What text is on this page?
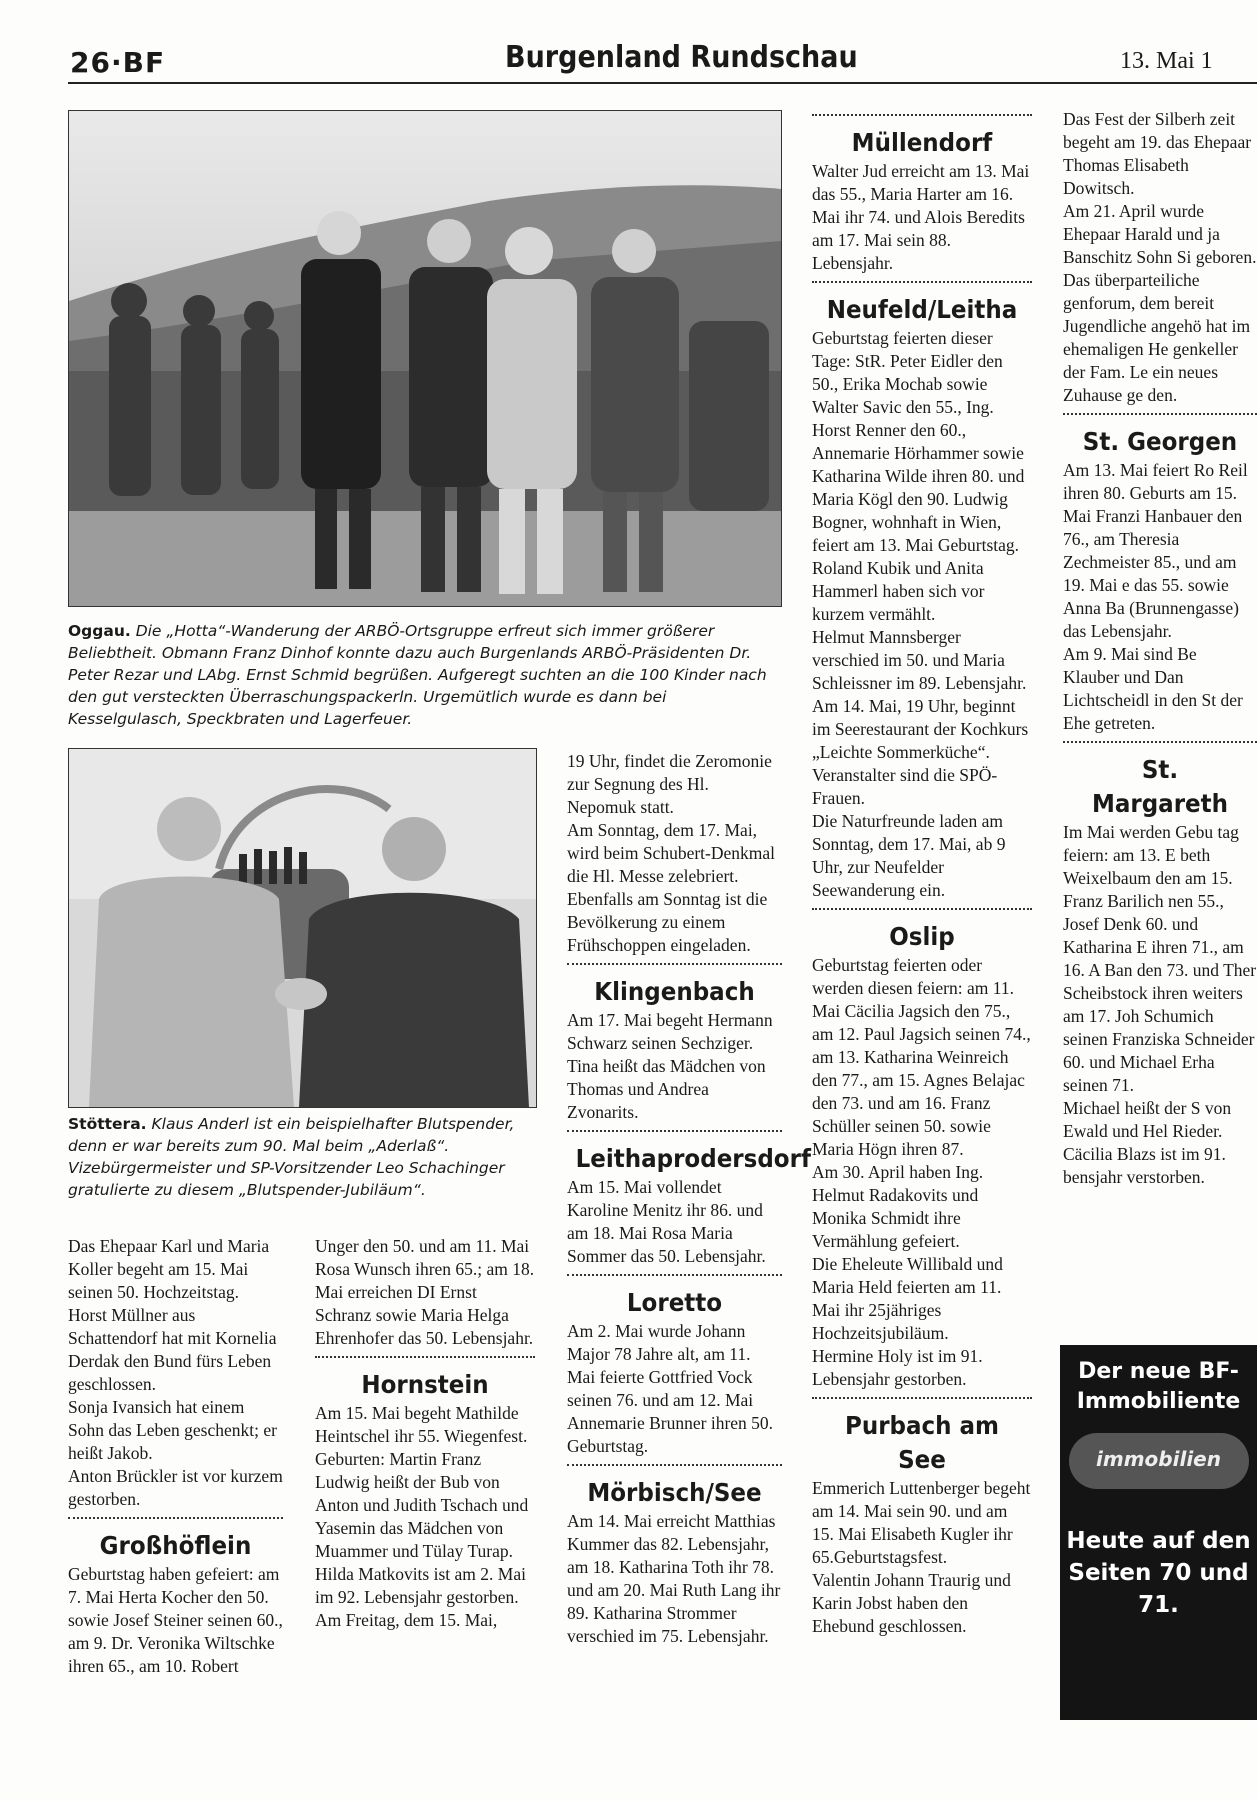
26·BF	Burgenland Rundschau	13. Mai 1
Oggau. Die „Hotta“-Wanderung der ARBÖ-Ortsgruppe erfreut sich immer größerer Beliebtheit. Obmann Franz Dinhof konnte dazu auch Burgenlands ARBÖ-Präsidenten Dr. Peter Rezar und LAbg. Ernst Schmid begrüßen. Aufgeregt suchten an die 100 Kinder nach den gut versteckten Überraschungspackerln. Urgemütlich wurde es dann bei Kesselgulasch, Speckbraten und Lagerfeuer.
Stöttera. Klaus Anderl ist ein beispielhafter Blutspender, denn er war bereits zum 90. Mal beim „Aderlaß“. Vizebürgermeister und SP-Vorsitzender Leo Schachinger gratulierte zu diesem „Blutspender-Jubiläum“.

Das Ehepaar Karl und Maria Koller begeht am 15. Mai seinen 50. Hochzeitstag.

Horst Müllner aus Schattendorf hat mit Kornelia Derdak den Bund fürs Leben geschlossen.

Sonja Ivansich hat einem Sohn das Leben geschenkt; er heißt Jakob.

Anton Brückler ist vor kurzem gestorben.

Großhöflein

Geburtstag haben gefeiert: am 7. Mai Herta Kocher den 50. sowie Josef Steiner seinen 60., am 9. Dr. Veronika Wiltschke ihren 65., am 10. Robert

Unger den 50. und am 11. Mai Rosa Wunsch ihren 65.; am 18. Mai erreichen DI Ernst Schranz sowie Maria Helga Ehrenhofer das 50. Lebensjahr.

Hornstein

Am 15. Mai begeht Mathilde Heintschel ihr 55. Wiegenfest.

Geburten: Martin Franz Ludwig heißt der Bub von Anton und Judith Tschach und Yasemin das Mädchen von Muammer und Tülay Turap.

Hilda Matkovits ist am 2. Mai im 92. Lebensjahr gestorben.

Am Freitag, dem 15. Mai,

19 Uhr, findet die Zeromonie zur Segnung des Hl. Nepomuk statt.

Am Sonntag, dem 17. Mai, wird beim Schubert-Denkmal die Hl. Messe zelebriert. Ebenfalls am Sonntag ist die Bevölkerung zu einem Frühschoppen eingeladen.

Klingenbach

Am 17. Mai begeht Hermann Schwarz seinen Sechziger.

Tina heißt das Mädchen von Thomas und Andrea Zvonarits.

Leithaprodersdorf

Am 15. Mai vollendet Karoline Menitz ihr 86. und am 18. Mai Rosa Maria Sommer das 50. Lebensjahr.

Loretto

Am 2. Mai wurde Johann Major 78 Jahre alt, am 11. Mai feierte Gottfried Vock seinen 76. und am 12. Mai Annemarie Brunner ihren 50. Geburtstag.

Mörbisch/See

Am 14. Mai erreicht Matthias Kummer das 82. Lebensjahr, am 18. Katharina Toth ihr 78. und am 20. Mai Ruth Lang ihr 89. Katharina Strommer verschied im 75. Lebensjahr.

Müllendorf

Walter Jud erreicht am 13. Mai das 55., Maria Harter am 16. Mai ihr 74. und Alois Beredits am 17. Mai sein 88. Lebensjahr.

Neufeld/Leitha

Geburtstag feierten dieser Tage: StR. Peter Eidler den 50., Erika Mochab sowie Walter Savic den 55., Ing. Horst Renner den 60., Annemarie Hörhammer sowie Katharina Wilde ihren 80. und Maria Kögl den 90. Ludwig Bogner, wohnhaft in Wien, feiert am 13. Mai Geburtstag.

Roland Kubik und Anita Hammerl haben sich vor kurzem vermählt.

Helmut Mannsberger verschied im 50. und Maria Schleissner im 89. Lebensjahr.

Am 14. Mai, 19 Uhr, beginnt im Seerestaurant der Kochkurs „Leichte Sommerküche“. Veranstalter sind die SPÖ-Frauen.

Die Naturfreunde laden am Sonntag, dem 17. Mai, ab 9 Uhr, zur Neufelder Seewanderung ein.

Oslip

Geburtstag feierten oder werden diesen feiern: am 11. Mai Cäcilia Jagsich den 75., am 12. Paul Jagsich seinen 74., am 13. Katharina Weinreich den 77., am 15. Agnes Belajac den 73. und am 16. Franz Schüller seinen 50. sowie Maria Högn ihren 87.

Am 30. April haben Ing. Helmut Radakovits und Monika Schmidt ihre Vermählung gefeiert.

Die Eheleute Willibald und Maria Held feierten am 11. Mai ihr 25jähriges Hochzeitsjubiläum.

Hermine Holy ist im 91. Lebensjahr gestorben.

Purbach am See

Emmerich Luttenberger begeht am 14. Mai sein 90. und am 15. Mai Elisabeth Kugler ihr 65.Geburtstagsfest.

Valentin Johann Traurig und Karin Jobst haben den Ehebund geschlossen.

Das Fest der Silberh zeit begeht am 19. das Ehepaar Thomas Elisabeth Dowitsch.

Am 21. April wurde Ehepaar Harald und ja Banschitz Sohn Si geboren.

Das überparteiliche genforum, dem bereit Jugendliche angehö hat im ehemaligen He genkeller der Fam. Le ein neues Zuhause ge den.

St. Georgen

Am 13. Mai feiert Ro Reil ihren 80. Geburts am 15. Mai Franzi Hanbauer den 76., am Theresia Zechmeister 85., und am 19. Mai e das 55. sowie Anna Ba (Brunnengasse) das Lebensjahr.

Am 9. Mai sind Be Klauber und Dan Lichtscheidl in den St der Ehe getreten.

St. Margareth

Im Mai werden Gebu tag feiern: am 13. E beth Weixelbaum den am 15. Franz Barilich nen 55., Josef Denk 60. und Katharina E ihren 71., am 16. A Ban den 73. und Ther Scheibstock ihren weiters am 17. Joh Schumich seinen Franziska Schneider 60. und Michael Erha seinen 71.

Michael heißt der S von Ewald und Hel Rieder.

Cäcilia Blazs ist im 91. bensjahr verstorben.

Der neue BF-Immobiliente
immobilien
Heute auf den Seiten 70 und 71.
